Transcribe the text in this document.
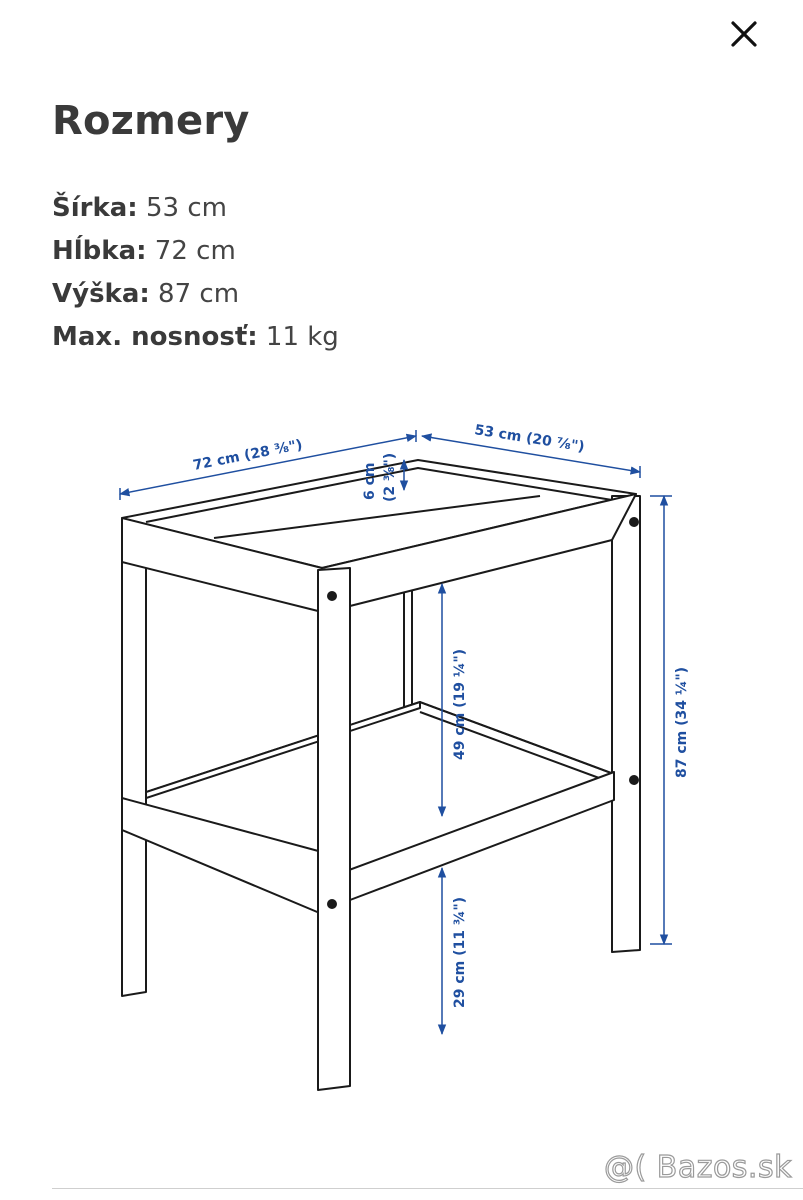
Rozmery
Šírka: 53 cm
Hĺbka: 72 cm
Výška: 87 cm
Max. nosnosť: 11 kg
72 cm (28 ⅜")	53 cm (20 ⅞")
6 cm (2 ⅜")
87 cm (34 ¼")
49 cm (19 ¼")
29 cm (11 ¾")
@( Bazos.sk
